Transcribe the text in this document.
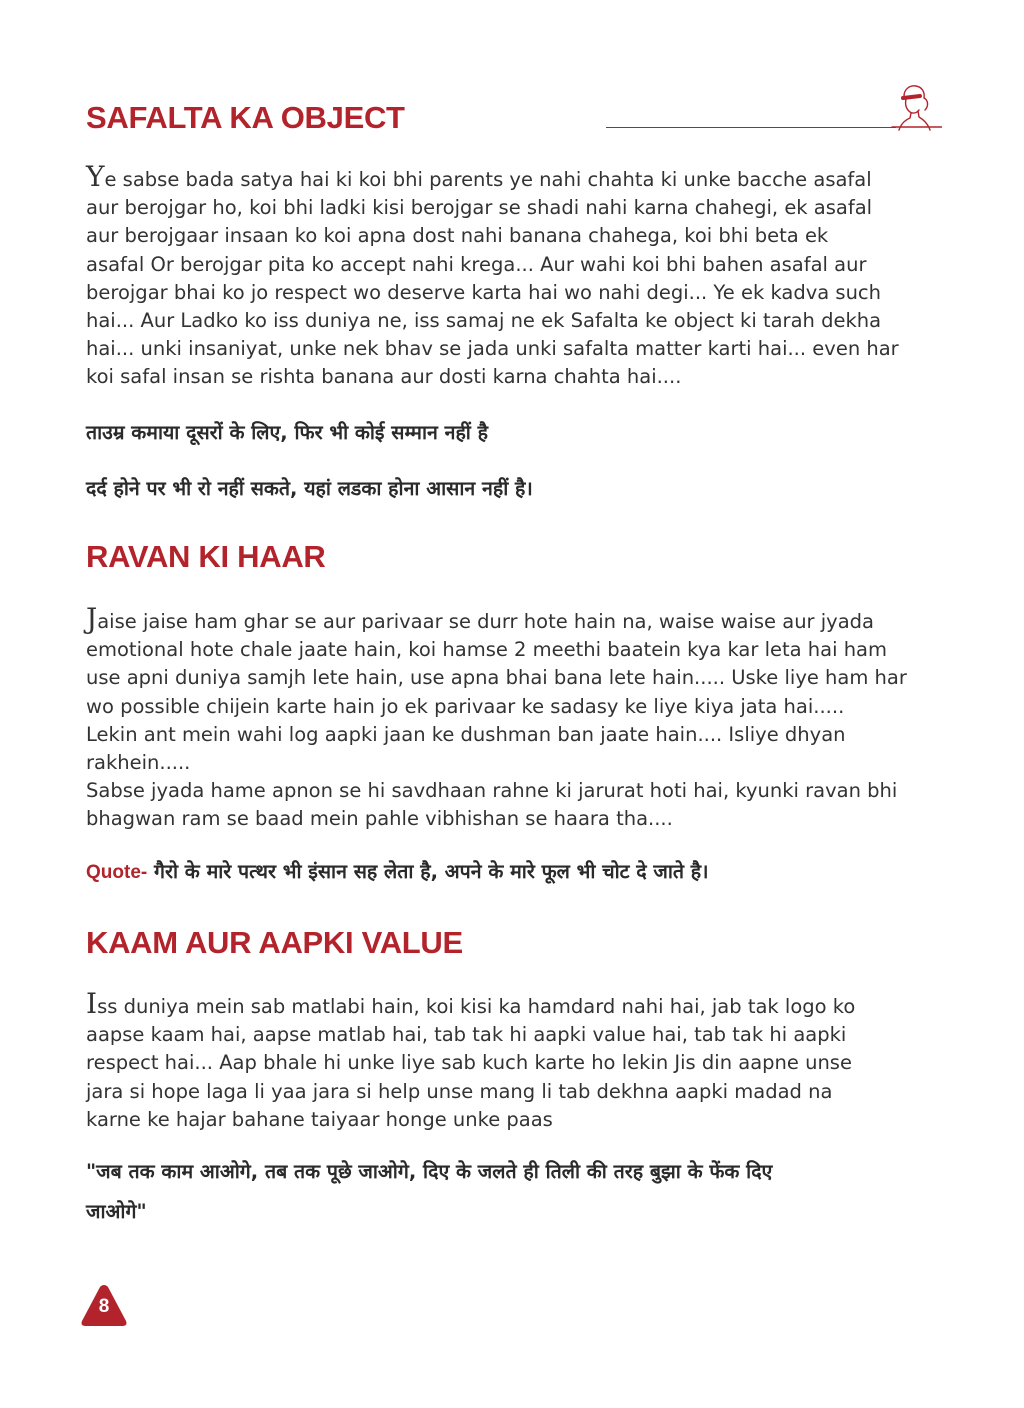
SAFALTA KA OBJECT
Ye sabse bada satya hai ki koi bhi parents ye nahi chahta ki unke bacche asafal
aur berojgar ho, koi bhi ladki kisi berojgar se shadi nahi karna chahegi, ek asafal
aur berojgaar insaan ko koi apna dost nahi banana chahega, koi bhi beta ek
asafal Or berojgar pita ko accept nahi krega... Aur wahi koi bhi bahen asafal aur
berojgar bhai ko jo respect wo deserve karta hai wo nahi degi... Ye ek kadva such
hai... Aur Ladko ko iss duniya ne, iss samaj ne ek Safalta ke object ki tarah dekha
hai... unki insaniyat, unke nek bhav se jada unki safalta matter karti hai... even har
koi safal insan se rishta banana aur dosti karna chahta hai....

ताउम्र कमाया दूसरों के लिए, फिर भी कोई सम्मान नहीं है

दर्द होने पर भी रो नहीं सकते, यहां लडका होना आसान नहीं है।

RAVAN KI HAAR
Jaise jaise ham ghar se aur parivaar se durr hote hain na, waise waise aur jyada
emotional hote chale jaate hain, koi hamse 2 meethi baatein kya kar leta hai ham
use apni duniya samjh lete hain, use apna bhai bana lete hain..... Uske liye ham har
wo possible chijein karte hain jo ek parivaar ke sadasy ke liye kiya jata hai.....
Lekin ant mein wahi log aapki jaan ke dushman ban jaate hain.... Isliye dhyan
rakhein.....
Sabse jyada hame apnon se hi savdhaan rahne ki jarurat hoti hai, kyunki ravan bhi
bhagwan ram se baad mein pahle vibhishan se haara tha....

Quote- गैरो के मारे पत्थर भी इंसान सह लेता है, अपने के मारे फूल भी चोट दे जाते है।

KAAM AUR AAPKI VALUE
Iss duniya mein sab matlabi hain, koi kisi ka hamdard nahi hai, jab tak logo ko
aapse kaam hai, aapse matlab hai, tab tak hi aapki value hai, tab tak hi aapki
respect hai... Aap bhale hi unke liye sab kuch karte ho lekin Jis din aapne unse
jara si hope laga li yaa jara si help unse mang li tab dekhna aapki madad na
karne ke hajar bahane taiyaar honge unke paas

"जब तक काम आओगे, तब तक पूछे जाओगे, दिए के जलते ही तिली की तरह बुझा के फेंक दिए

जाओगे"

8
